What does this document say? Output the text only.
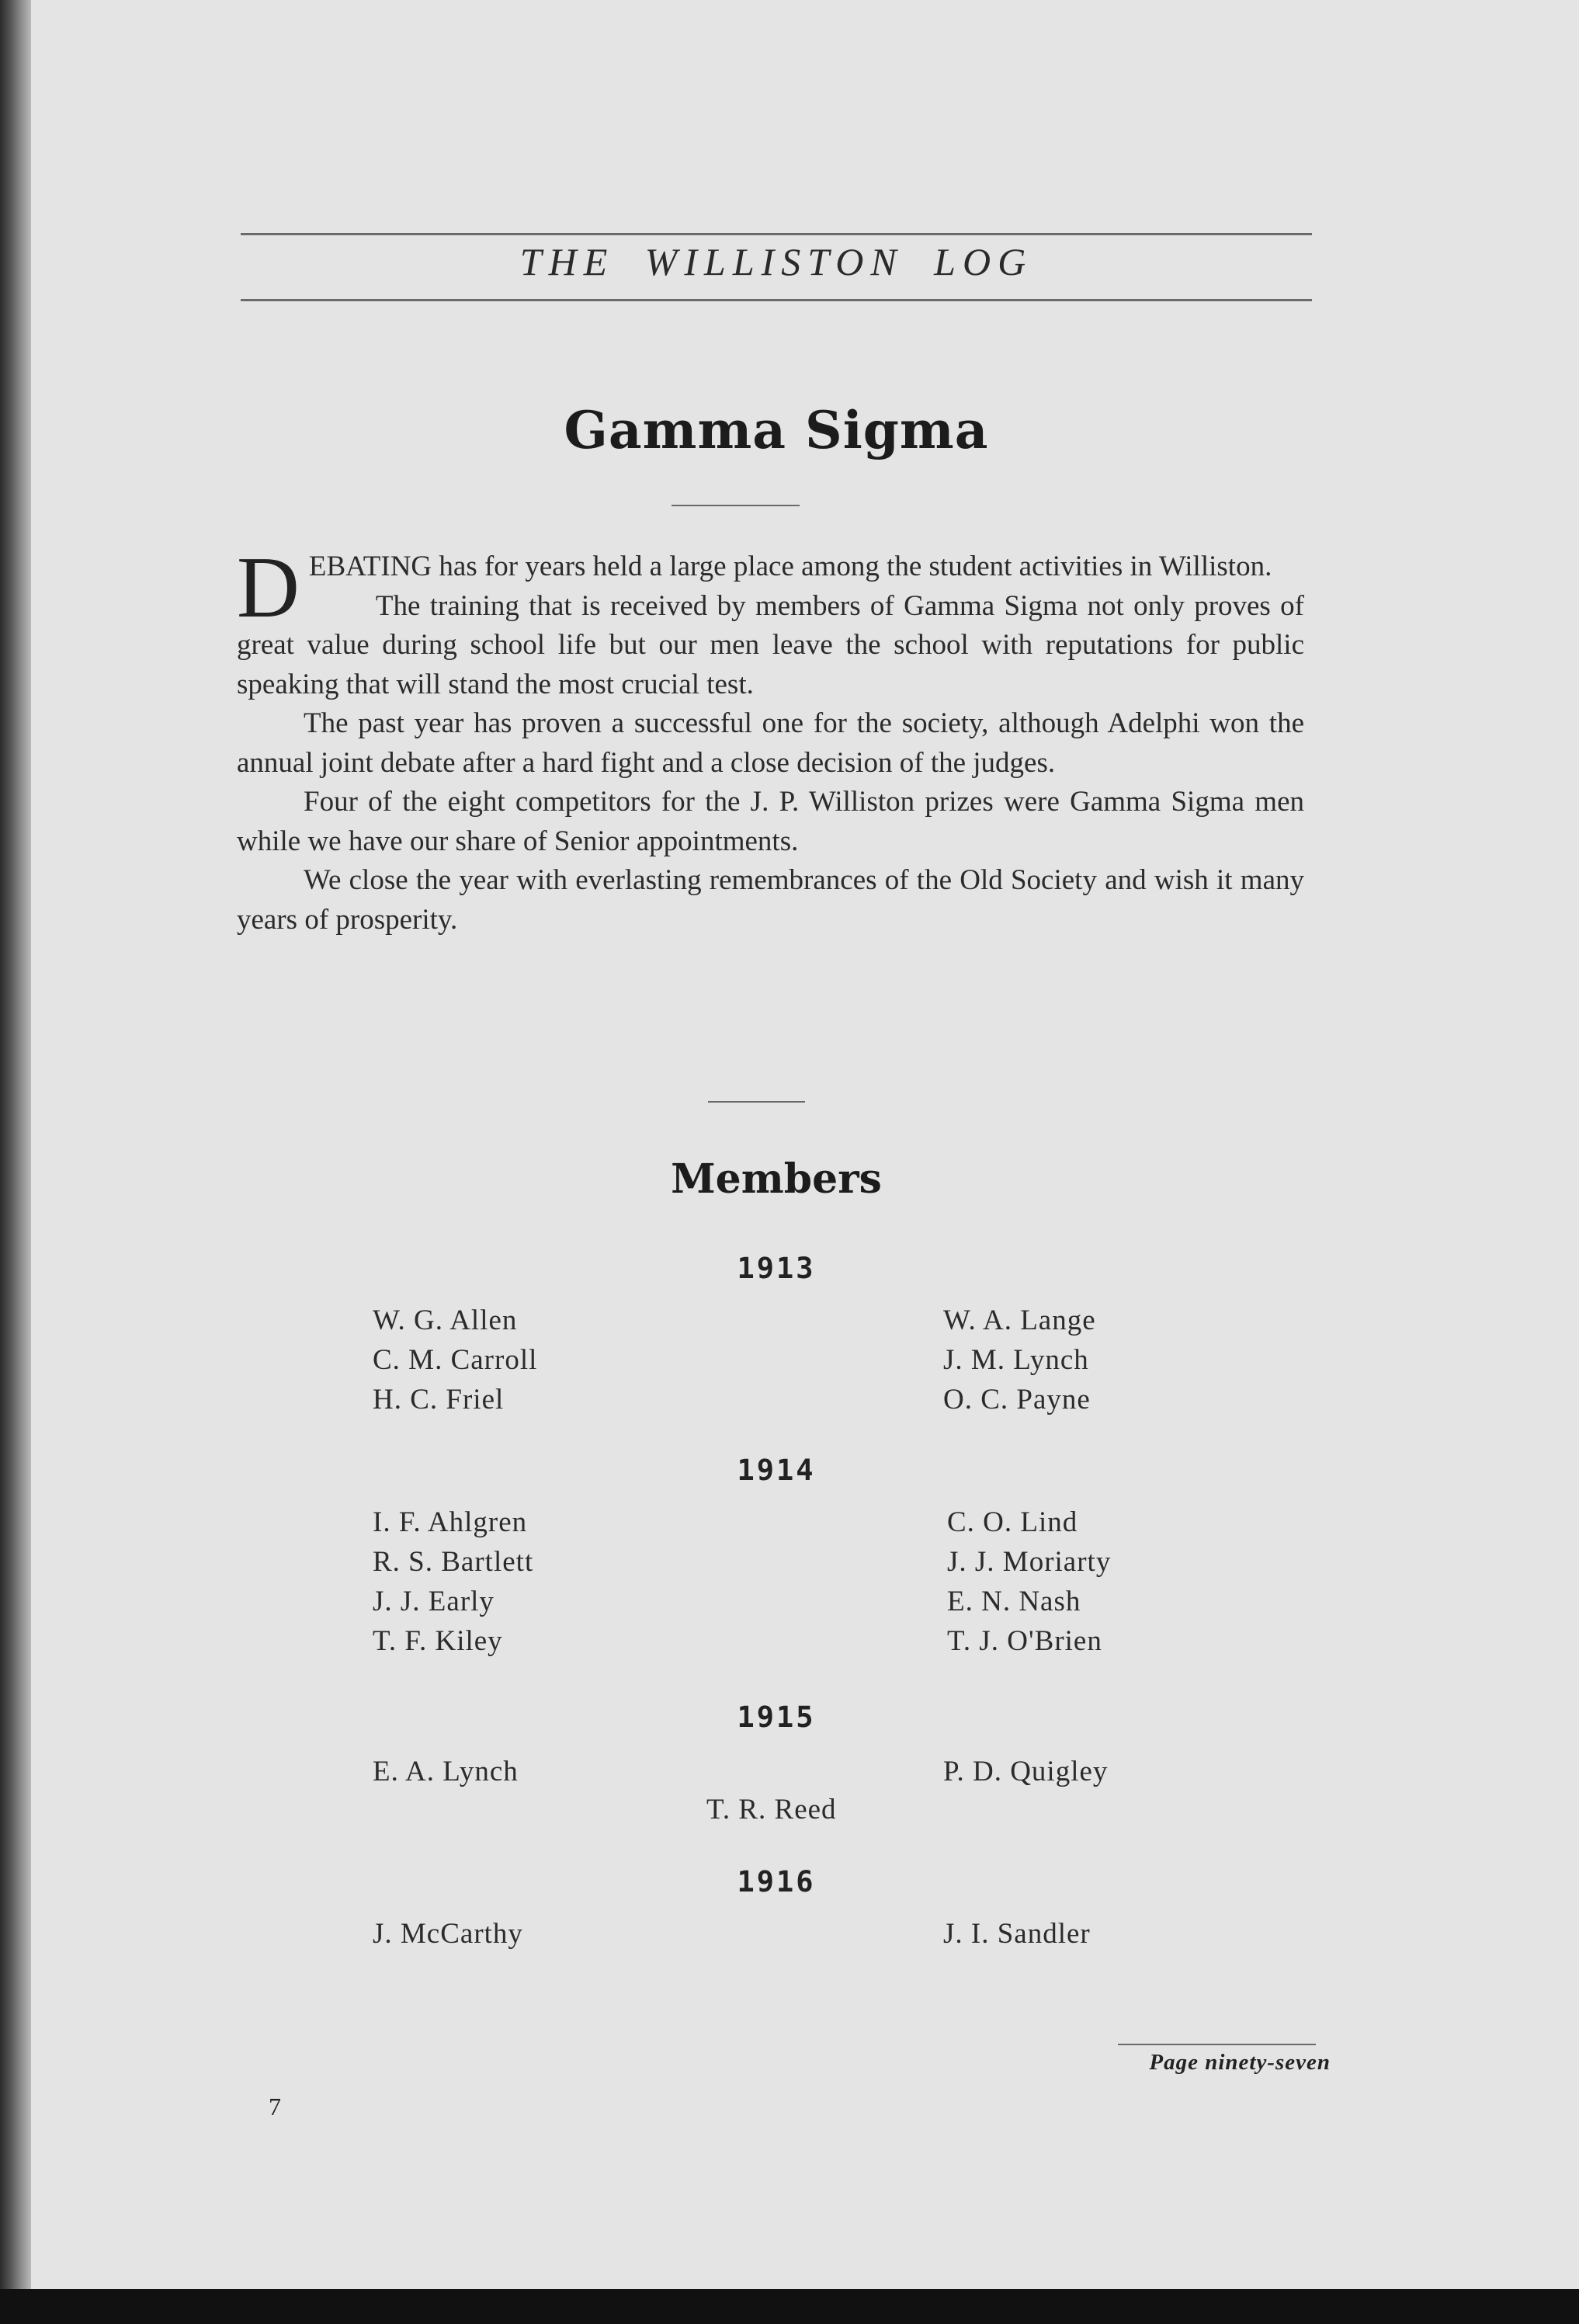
THE WILLISTON LOG
Gamma Sigma

DEBATING has for years held a large place among the student activities in Williston.

The training that is received by members of Gamma Sigma not only proves of great value during school life but our men leave the school with reputations for public speaking that will stand the most crucial test.

The past year has proven a successful one for the society, although Adelphi won the annual joint debate after a hard fight and a close decision of the judges.

Four of the eight competitors for the J. P. Williston prizes were Gamma Sigma men while we have our share of Senior appointments.

We close the year with everlasting remembrances of the Old Society and wish it many years of prosperity.

Members
1913
W. G. Allen
C. M. Carroll
H. C. Friel
W. A. Lange
J. M. Lynch
O. C. Payne
1914
I. F. Ahlgren
R. S. Bartlett
J. J. Early
T. F. Kiley
C. O. Lind
J. J. Moriarty
E. N. Nash
T. J. O'Brien
1915
E. A. Lynch	P. D. Quigley
T. R. Reed
1916
J. McCarthy	J. I. Sandler
Page ninety-seven
7
